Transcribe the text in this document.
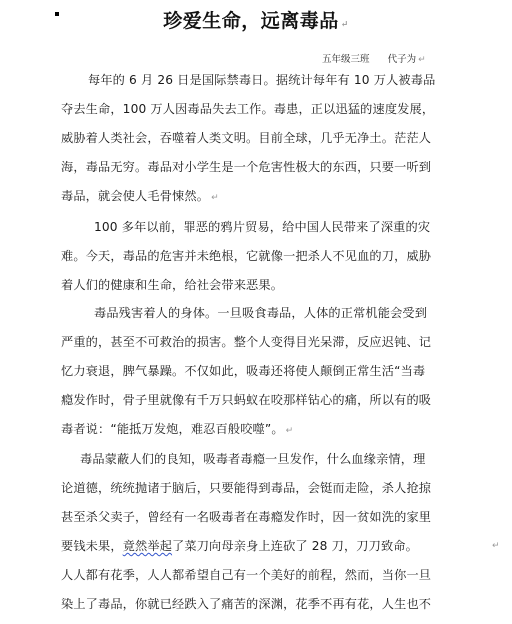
珍爱生命，远离毒品 ↵
五年级三班 代子为 ↵
每年的 6 月 26 日是国际禁毒日。据统计每年有 10 万人被毒品
夺去生命，100 万人因毒品失去工作。毒患，正以迅猛的速度发展，
威胁着人类社会，吞噬着人类文明。目前全球，几乎无净土。茫茫人
海，毒品无穷。毒品对小学生是一个危害性极大的东西，只要一听到
毒品，就会使人毛骨悚然。 ↵
100 多年以前，罪恶的鸦片贸易，给中国人民带来了深重的灾
难。今天，毒品的危害并未绝根，它就像一把杀人不见血的刀，威胁
着人们的健康和生命，给社会带来恶果。
毒品残害着人的身体。一旦吸食毒品，人体的正常机能会受到
严重的，甚至不可救治的损害。整个人变得目光呆滞，反应迟钝、记
忆力衰退，脾气暴躁。不仅如此，吸毒还将使人颠倒正常生活“当毒
瘾发作时，骨子里就像有千万只蚂蚁在咬那样钻心的痛，所以有的吸
毒者说：“能抵万发炮，难忍百般咬噬”。 ↵
毒品蒙蔽人们的良知，吸毒者毒瘾一旦发作，什么血缘亲情，理
论道德，统统抛诸于脑后，只要能得到毒品，会铤而走险，杀人抢掠
甚至杀父卖子，曾经有一名吸毒者在毒瘾发作时，因一贫如洗的家里
要钱未果，竟然举起了菜刀向母亲身上连砍了 28 刀，刀刀致命。	↵
人人都有花季，人人都希望自己有一个美好的前程，然而，当你一旦
染上了毒品，你就已经跌入了痛苦的深渊，花季不再有花，人生也不
